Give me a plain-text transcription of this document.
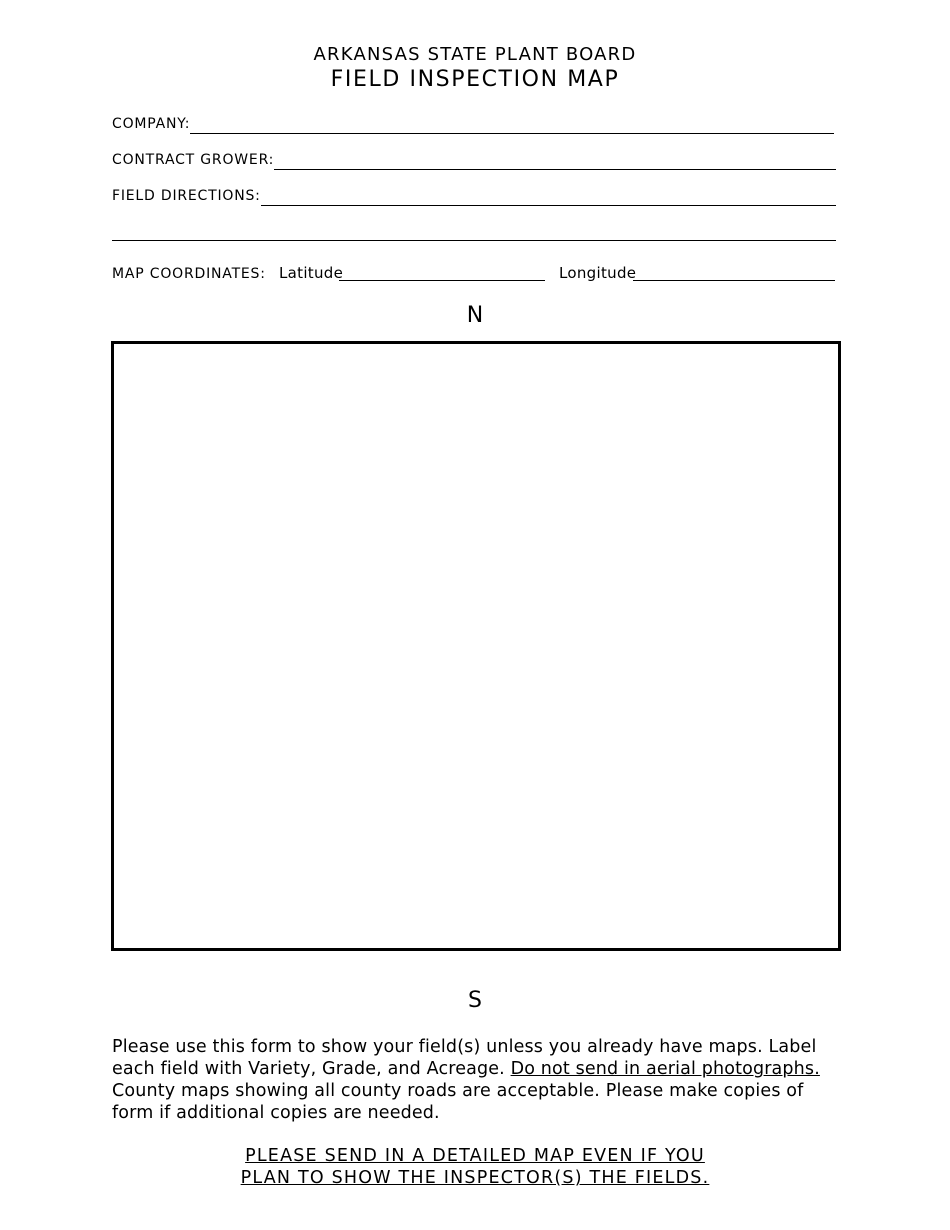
ARKANSAS STATE PLANT BOARD
FIELD INSPECTION MAP
COMPANY:
CONTRACT GROWER:
FIELD DIRECTIONS:
MAP COORDINATES: Latitude	Longitude
N
S
Please use this form to show your field(s) unless you already have maps. Label each field with Variety, Grade, and Acreage. Do not send in aerial photographs. County maps showing all county roads are acceptable. Please make copies of form if additional copies are needed.
PLEASE SEND IN A DETAILED MAP EVEN IF YOU
PLAN TO SHOW THE INSPECTOR(S) THE FIELDS.
